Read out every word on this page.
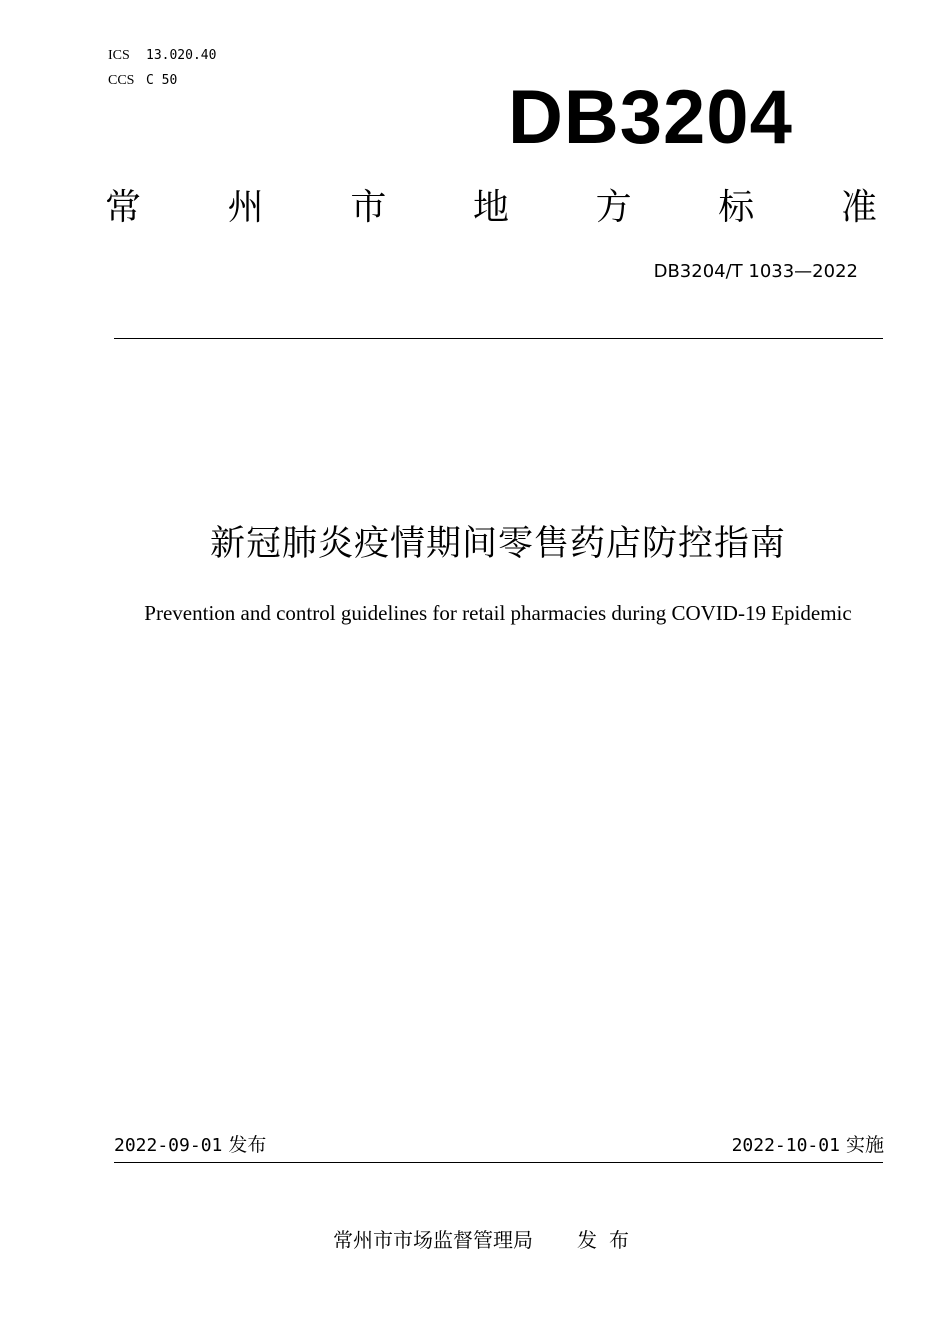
ICS 13.020.40
CCS C 50	DB3204
常 州 市 地 方 标 准
DB3204/T 1033—2022
新冠肺炎疫情期间零售药店防控指南
Prevention and control guidelines for retail pharmacies during COVID-19 Epidemic
2022-09-01 发布	2022-10-01 实施
常州市市场监督管理局 发布
